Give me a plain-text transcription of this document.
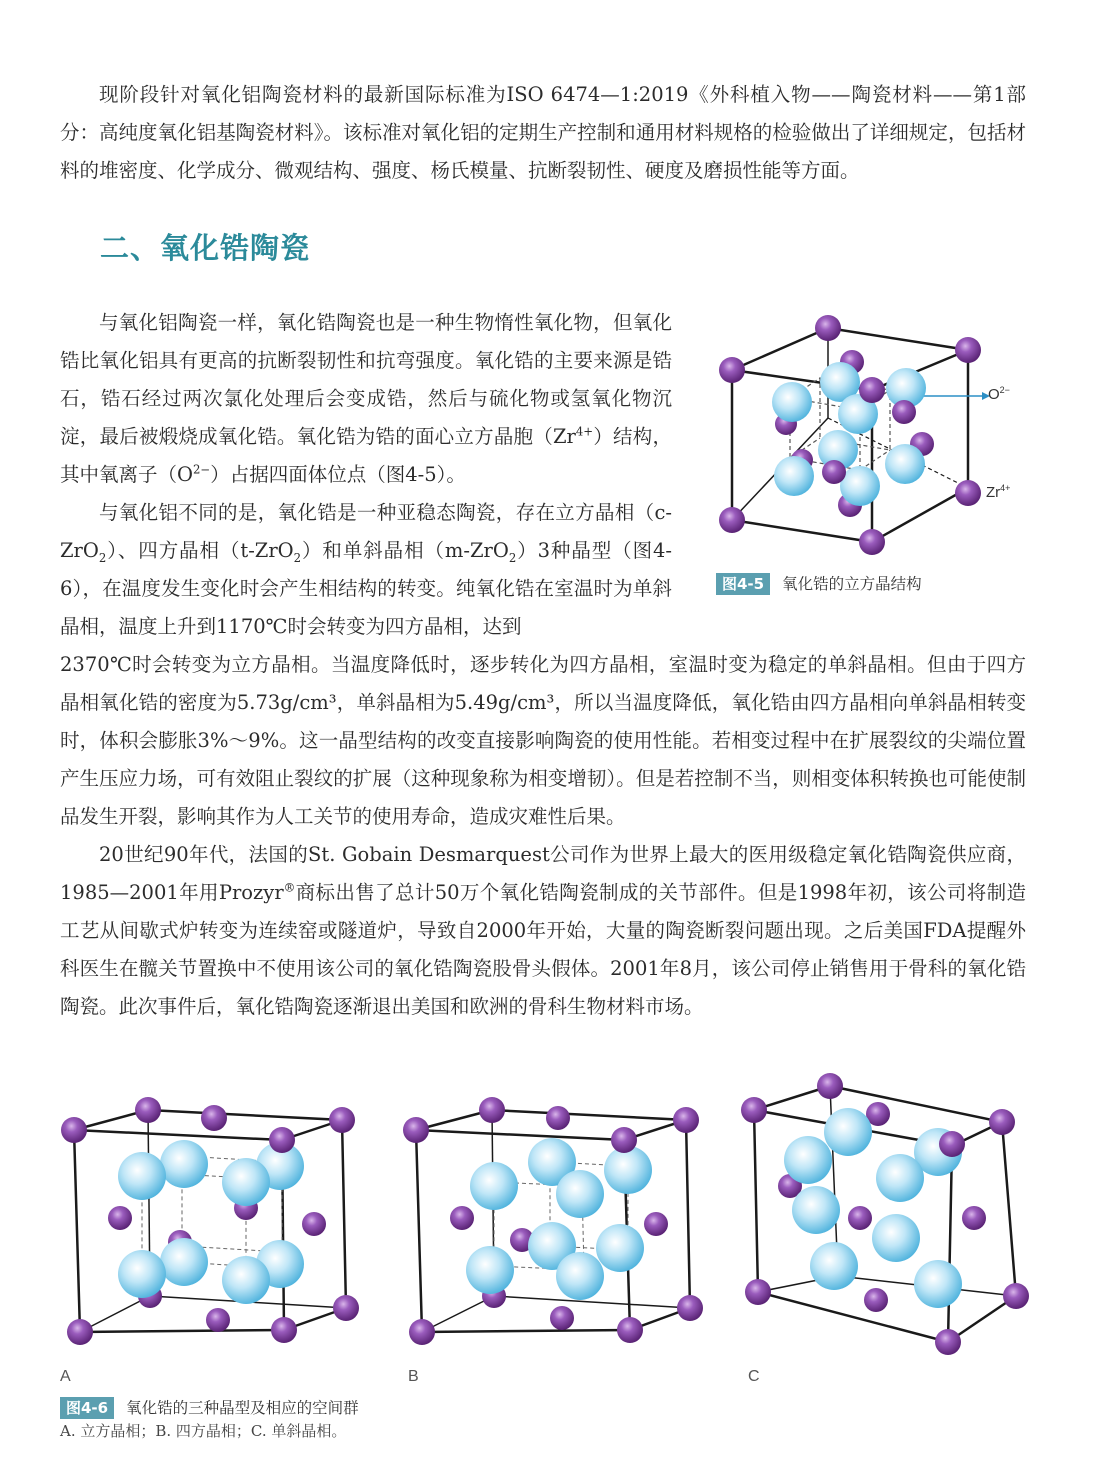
现阶段针对氧化铝陶瓷材料的最新国际标准为ISO 6474—1:2019《外科植入物——陶瓷材料——第1部分：高纯度氧化铝基陶瓷材料》。该标准对氧化铝的定期生产控制和通用材料规格的检验做出了详细规定，包括材料的堆密度、化学成分、微观结构、强度、杨氏模量、抗断裂韧性、硬度及磨损性能等方面。

二、氧化锆陶瓷

与氧化铝陶瓷一样，氧化锆陶瓷也是一种生物惰性氧化物，但氧化锆比氧化铝具有更高的抗断裂韧性和抗弯强度。氧化锆的主要来源是锆石，锆石经过两次氯化处理后会变成锆，然后与硫化物或氢氧化物沉淀，最后被煅烧成氧化锆。氧化锆为锆的面心立方晶胞$(Zr^{4+})$结构，其中氧离子$(O^{2-})$占据四面体位点（图4-5）。

与氧化铝不同的是，氧化锆是一种亚稳态陶瓷，存在立方晶相（c-ZrO$_2$）、四方晶相（t-ZrO$_2$）和单斜晶相（m-ZrO$_2$）3种晶型（图4-6），在温度发生变化时会产生相结构的转变。纯氧化锆在室温时为单斜晶相，温度上升到1170℃时会转变为四方晶相，达到

2370℃时会转变为立方晶相。当温度降低时，逐步转化为四方晶相，室温时变为稳定的单斜晶相。但由于四方晶相氧化锆的密度为5.73g/cm³，单斜晶相为5.49g/cm³，所以当温度降低，氧化锆由四方晶相向单斜晶相转变时，体积会膨胀3%～9%。这一晶型结构的改变直接影响陶瓷的使用性能。若相变过程中在扩展裂纹的尖端位置产生压应力场，可有效阻止裂纹的扩展（这种现象称为相变增韧）。但是若控制不当，则相变体积转换也可能使制品发生开裂，影响其作为人工关节的使用寿命，造成灾难性后果。

20世纪90年代，法国的St. Gobain Desmarquest公司作为世界上最大的医用级稳定氧化锆陶瓷供应商，1985—2001年用Prozyr®商标出售了总计50万个氧化锆陶瓷制成的关节部件。但是1998年初，该公司将制造工艺从间歇式炉转变为连续窑或隧道炉，导致自2000年开始，大量的陶瓷断裂问题出现。之后美国FDA提醒外科医生在髋关节置换中不使用该公司的氧化锆陶瓷股骨头假体。2001年8月，该公司停止销售用于骨科的氧化锆陶瓷。此次事件后，氧化锆陶瓷逐渐退出美国和欧洲的骨科生物材料市场。

$O^{2-}$
$Zr^{4+}$
图4-5 氧化锆的立方晶结构
A	B	C
图4-6 氧化锆的三种晶型及相应的空间群
A. 立方晶相；B. 四方晶相；C. 单斜晶相。
